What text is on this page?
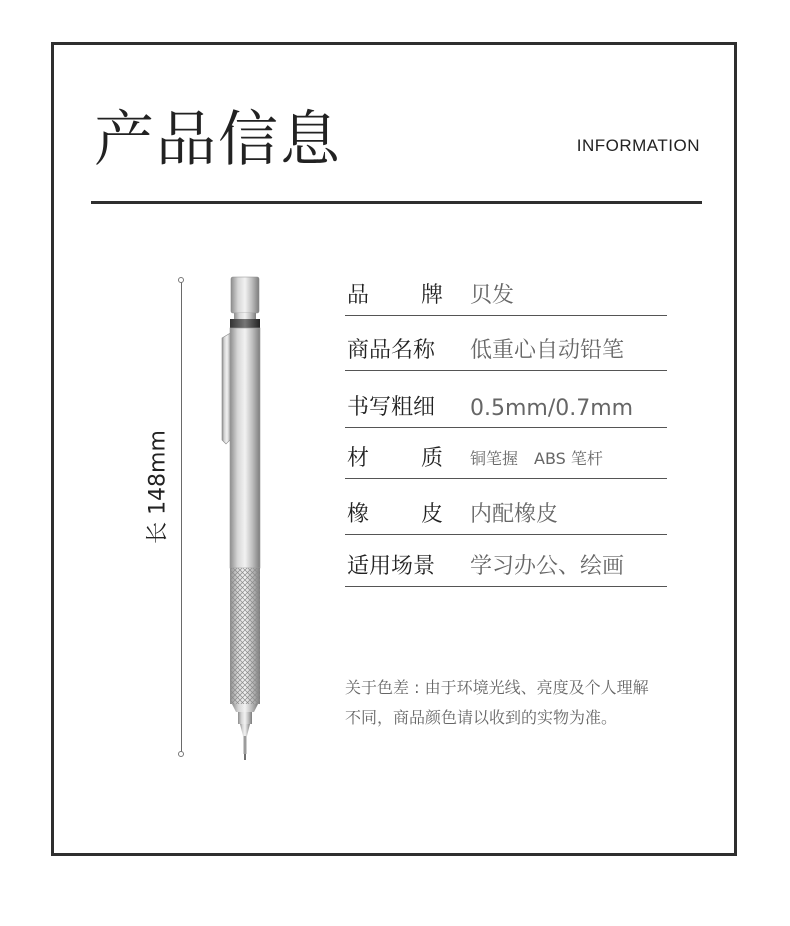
产品信息	INFORMATION
长 148mm
品 牌 贝发
商品名称	低重心自动铅笔
书写粗细	0.5mm/0.7mm
材 质 铜笔握　ABS 笔杆
橡 皮 内配橡皮
适用场景	学习办公、绘画
关于色差 : 由于环境光线、亮度及个人理解
不同，商品颜色请以收到的实物为准。
